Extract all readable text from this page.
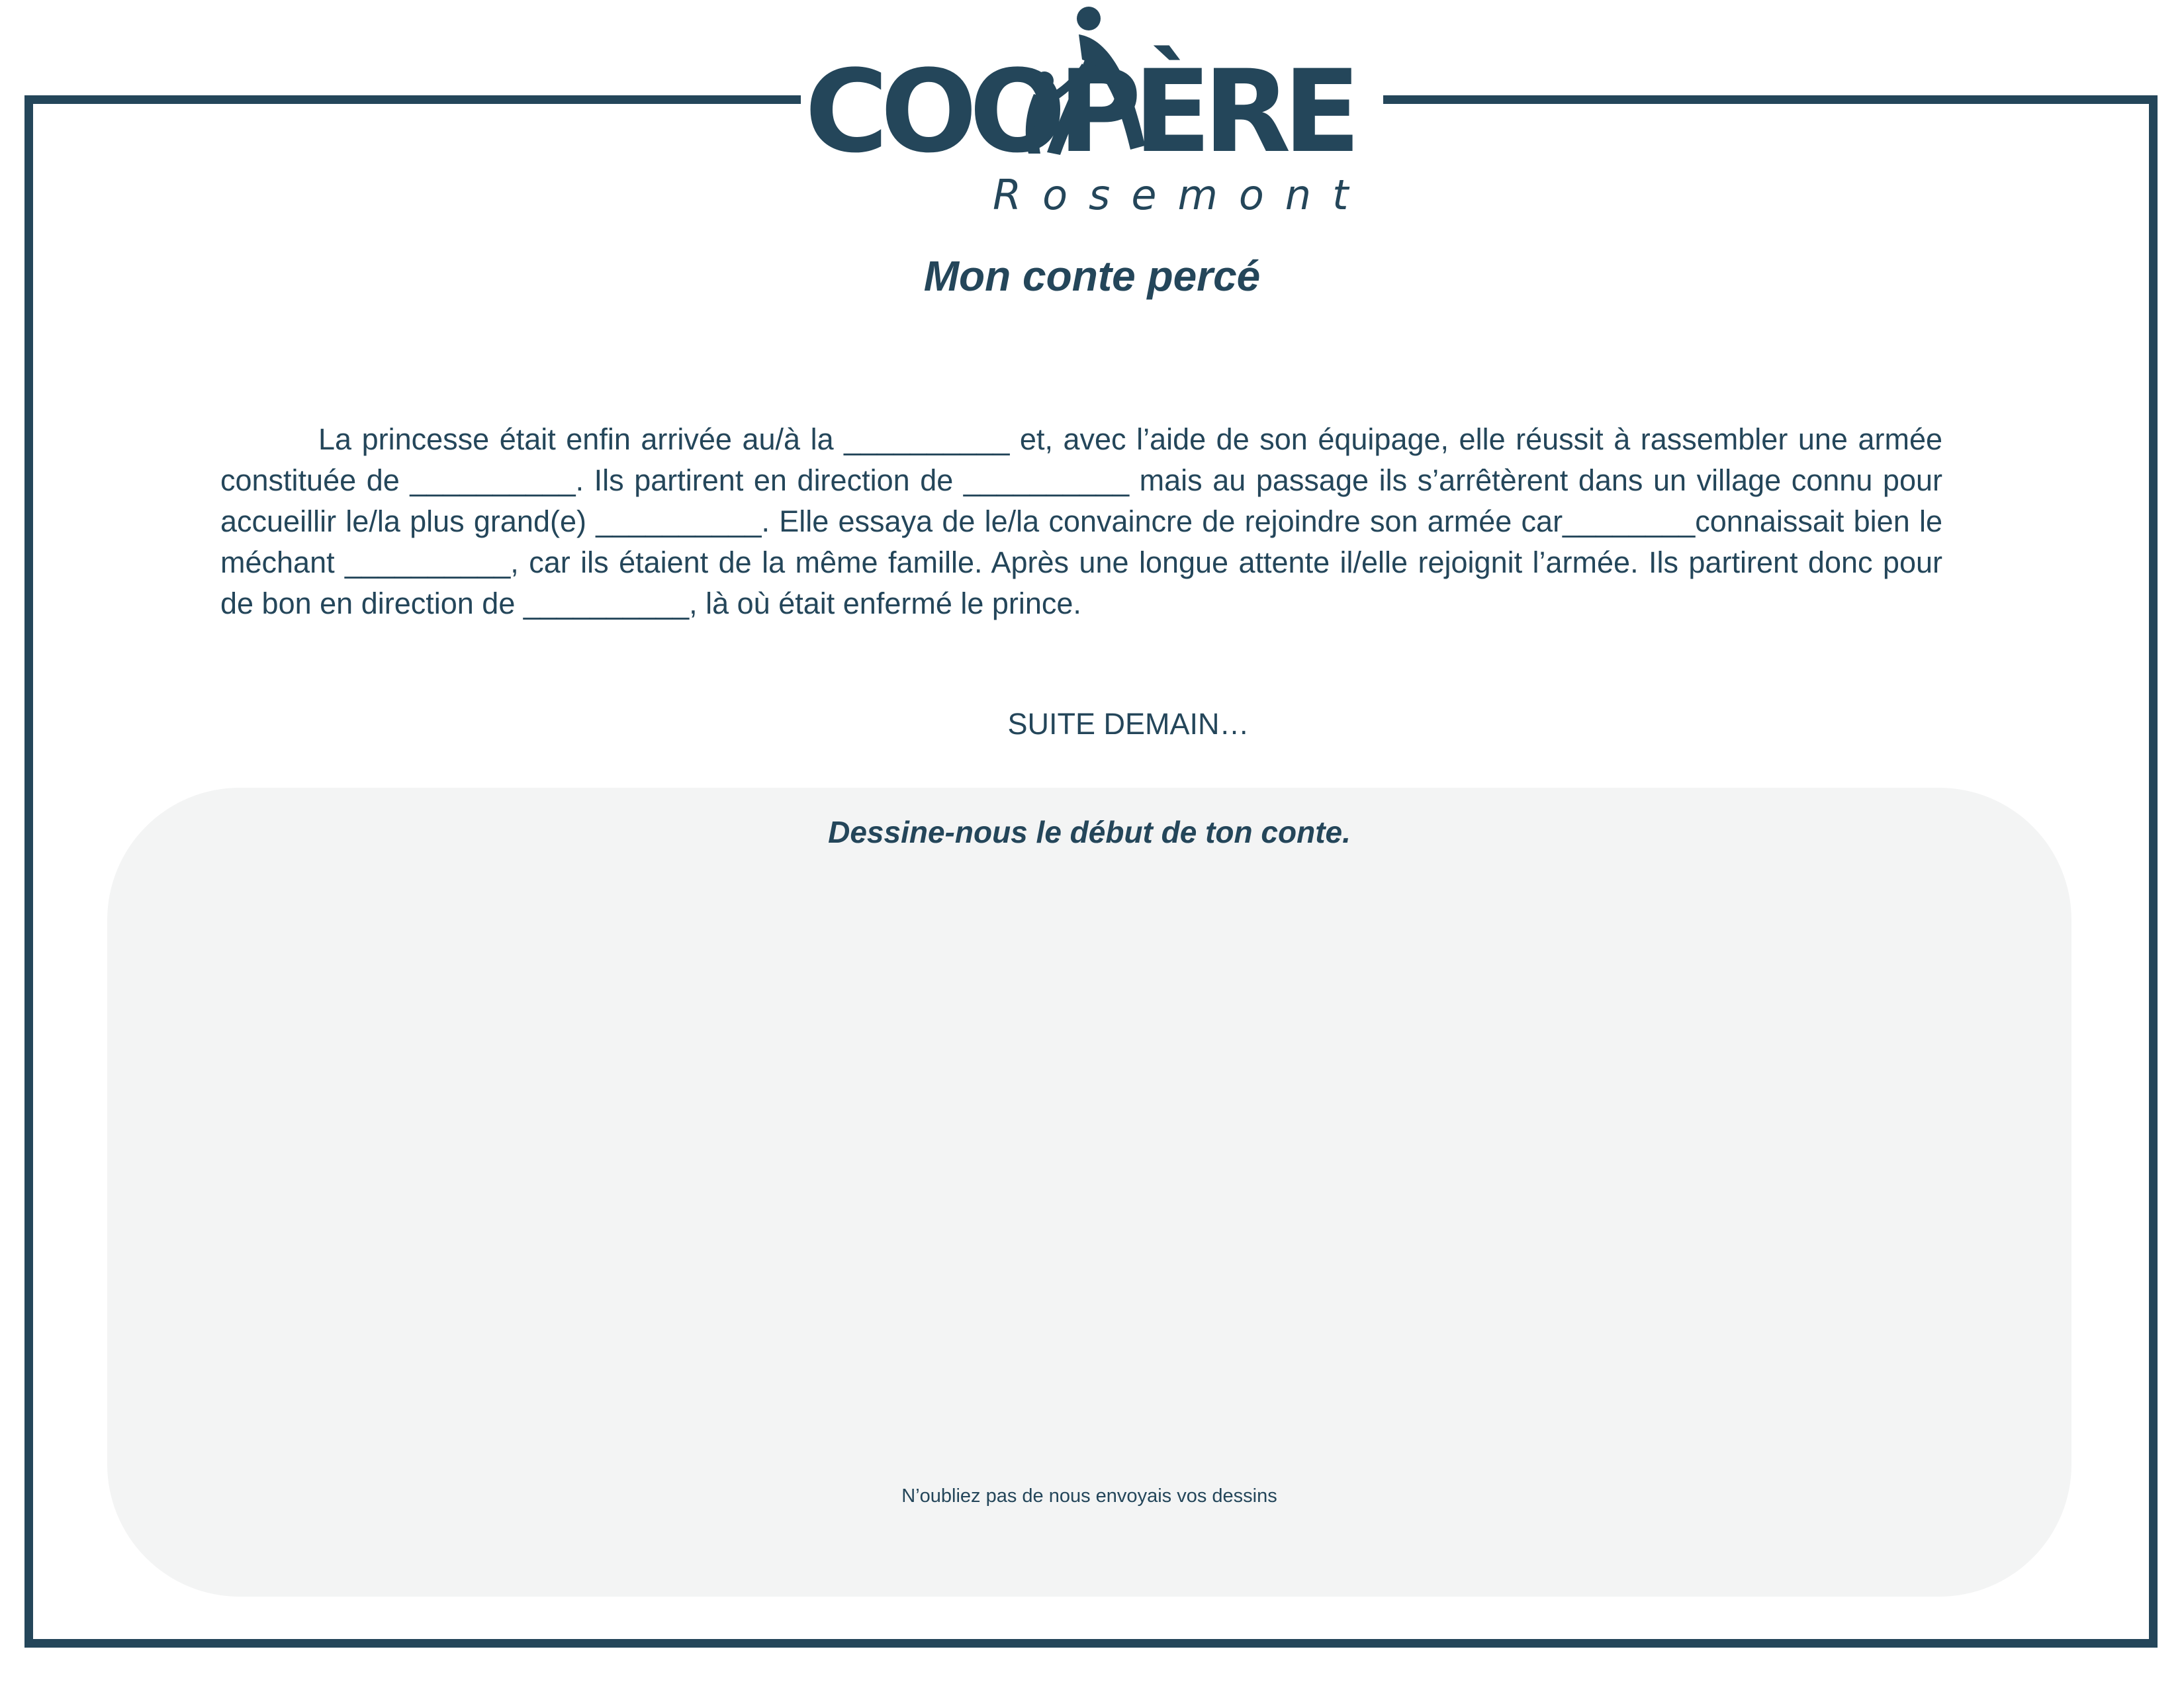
COOPÈRE
Rosemont
Mon conte percé

La princesse était enfin arrivée au/à la __________ et, avec l’aide de son équipage, elle réussit à rassembler une armée constituée de __________. Ils partirent en direction de __________ mais au passage ils s’arrêtèrent dans un village connu pour accueillir le/la plus grand(e) __________. Elle essaya de le/la convaincre de rejoindre son armée car________connaissait bien le méchant __________, car ils étaient de la même famille. Après une longue attente il/elle rejoignit l’armée. Ils partirent donc pour de bon en direction de __________, là où était enfermé le prince.

SUITE DEMAIN…

Dessine-nous le début de ton conte.

N’oubliez pas de nous envoyais vos dessins
